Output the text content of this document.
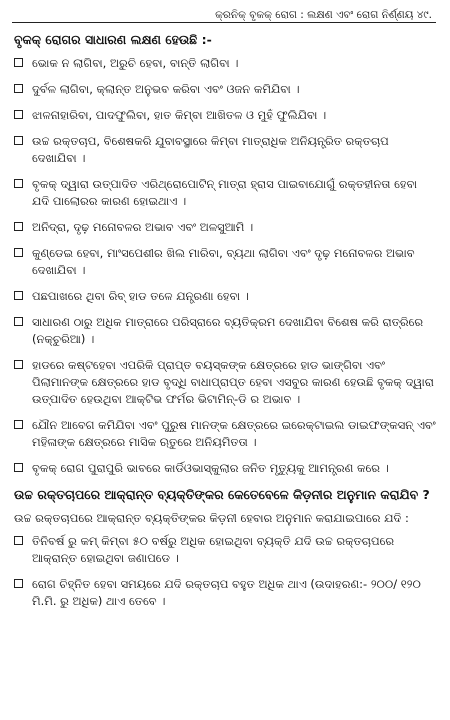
କ୍ରନିକ୍ ବୃକକ୍ ରୋଗ : ଲକ୍ଷଣ ଏବଂ ରୋଗ ନିର୍ଣ୍ଣୟ ୪୯.
ବୃକକ୍ ରୋଗର ସାଧାରଣ ଲକ୍ଷଣ ହେଉଛି :-
ଭୋକ ନ ଲାଗିବା, ଅରୁଚି ହେବା, ବାନ୍ତି ଲାଗିବା ।
ଦୁର୍ବଳ ଲାଗିବା, କ୍ଲାନ୍ତ ଅନୁଭବ କରିବା ଏବଂ ଓଜନ କମିଯିବା ।
ଝାଳନାହାରିବା, ପାଦଫୁଲିବା, ହାତ କିମ୍ବା ଆଖିତଳ ଓ ମୁହଁ ଫୁଲିଯିବା ।
ଉଚ୍ଚ ରକ୍ତଚାପ, ବିଶେଷକରି ଯୁବାବସ୍ଥାରେ କିମ୍ବା ମାତ୍ରାଧିକ ଅନିୟନ୍ତ୍ରିତ ରକ୍ତଚାପ ଦେଖାଯିବା ।
ବୃକକ୍ ଦ୍ୱାରା ଉତ୍ପାଦିତ ଏରିଥ୍ରୋପୋଟିନ୍ ମାତ୍ରା ହ୍ରାସ ପାଇବାଯୋଗୁଁ ରକ୍ତହୀନତା ହେବା ଯଦି ପାଲୋରର କାରଣ ହୋଇଥାଏ ।
ଅନିଦ୍ରା, ଦୃଢ଼ ମନୋବଳର ଅଭାବ ଏବଂ ଅଳସୁଆମି ।
କୁଣ୍ଡେଇ ହେବା, ମାଂସପେଶୀର ଖିଲ ମାରିବା, ବ୍ୟଥା ଲାଗିବା ଏବଂ ଦୃଢ଼ ମନୋବଳର ଅଭାବ ଦେଖାଯିବା ।
ପଛପାଖରେ ଥିବା ରିବ୍ ହାଡ ତଳେ ଯନ୍ତ୍ରଣା ହେବା ।
ସାଧାରଣ ଠାରୁ ଅଧିକ ମାତ୍ରାରେ ପରିସ୍ରାରେ ବ୍ୟତିକ୍ରମ ଦେଖାଯିବା ବିଶେଷ କରି ରାତ୍ରିରେ (ନକ୍ଚୁରିଆ) ।
ହାଡରେ କଷ୍ଟହେବା ଏପରିକି ପ୍ରାପ୍ତ ବୟସ୍କଙ୍କ କ୍ଷେତ୍ରରେ ହାଡ ଭାଙ୍ଗିବା ଏବଂ ପିଲାମାନଙ୍କ କ୍ଷେତ୍ରରେ ହାଡ ବୃଦ୍ଧି ବାଧାପ୍ରାପ୍ତ ହେବା ଏସବୁର କାରଣ ହେଉଛି ବୃକକ୍ ଦ୍ୱାରା ଉତ୍ପାଦିତ ହେଉଥିବା ଆକ୍ଟିଭ ଫର୍ମର ଭିଟାମିନ୍-ଡି ର ଅଭାବ ।
ଯୌନ ଆବେଗ କମିଯିବା ଏବଂ ପୁରୁଷ ମାନଙ୍କ କ୍ଷେତ୍ରରେ ଇରେକ୍ଟାଇଲ ଡାଇଫଙ୍କସନ୍ ଏବଂ ମହିଳାଙ୍କ କ୍ଷେତ୍ରରେ ମାସିକ ଋତୁରେ ଅନିୟମିତତା ।
ବୃକକ୍ ରୋଗ ପୁରାପୁରି ଭାବରେ କାର୍ଡିଓଭାସ୍କୁଲାର ଜନିତ ମୃତ୍ୟୁକୁ ଆମନ୍ତ୍ରଣ କରେ ।
ଉଚ୍ଚ ରକ୍ତଚାପରେ ଆକ୍ରାନ୍ତ ବ୍ୟକ୍ତିଙ୍କର କେତେବେଳେ କିଡ଼ନୀର ଅନୁମାନ କରାଯିବ ?
ଉଚ୍ଚ ରକ୍ତଚାପରେ ଆକ୍ରାନ୍ତ ବ୍ୟକ୍ତିଙ୍କର କିଡ଼ନୀ ହେବାର ଅନୁମାନ କରାଯାଇପାରେ ଯଦି :
ତିନିବର୍ଷ ରୁ କମ୍ କିମ୍ବା ୫୦ ବର୍ଷରୁ ଅଧିକ ହୋଇଥିବା ବ୍ୟକ୍ତି ଯଦି ଉଚ୍ଚ ରକ୍ତଚାପରେ ଆକ୍ରାନ୍ତ ହୋଇଥିବା ଜଣାପଡେ ।
ରୋଗ ଚିହ୍ନିତ ହେବା ସମୟରେ ଯଦି ରକ୍ତଚାପ ବହୁତ ଅଧିକ ଥାଏ (ଉଦାହରଣ:- ୨୦୦/ ୧୨୦ ମି.ମି. ରୁ ଅଧିକ) ଥାଏ ତେବେ ।
